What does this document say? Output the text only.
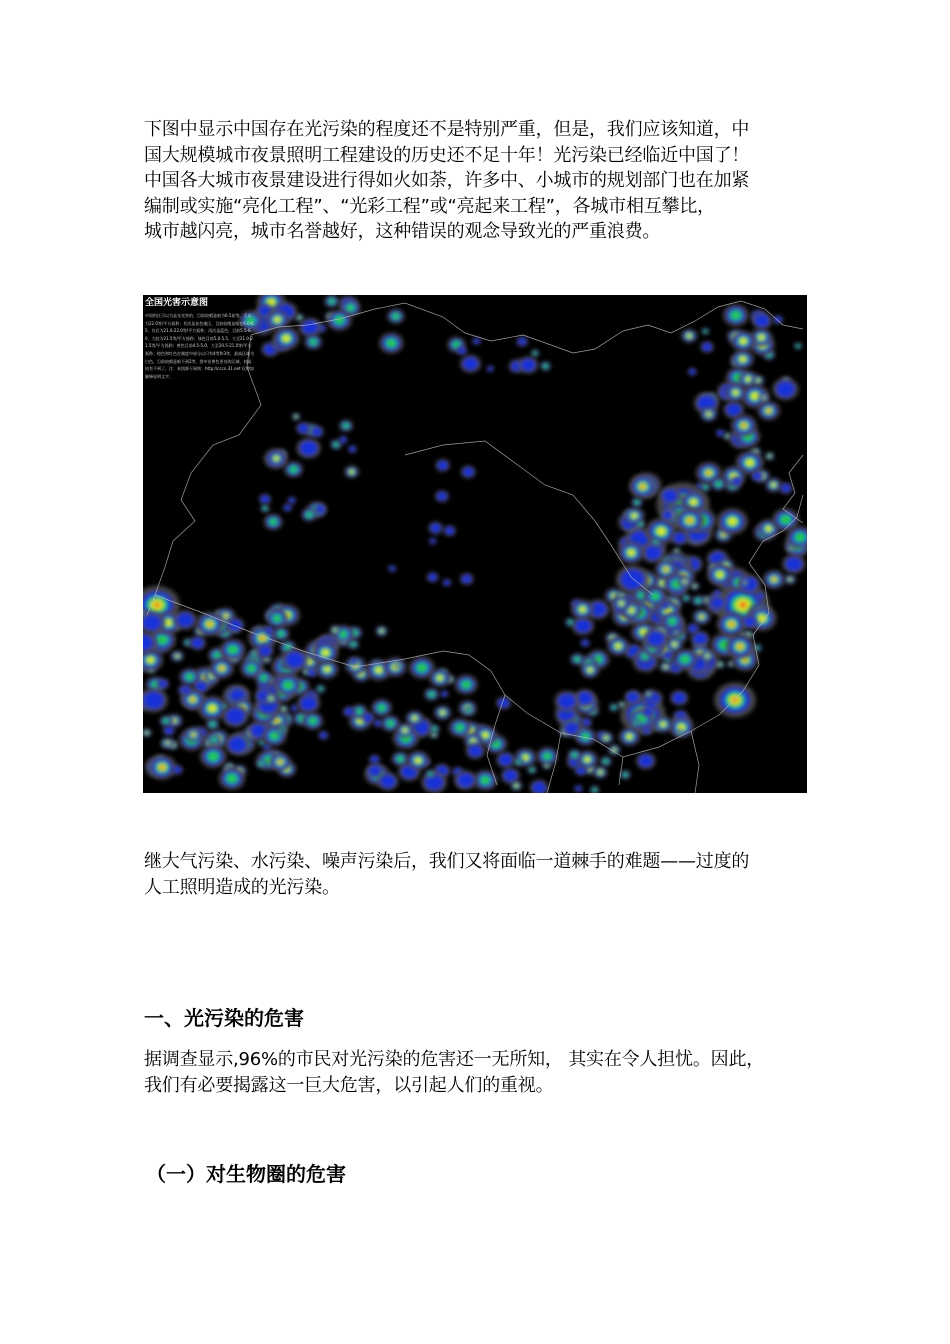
下图中显示中国存在光污染的程度还不是特别严重，但是，我们应该知道，中
国大规模城市夜景照明工程建设的历史还不足十年！光污染已经临近中国了！
中国各大城市夜景建设进行得如火如荼，许多中、小城市的规划部门也在加紧
编制或实施“亮化工程”、“光彩工程”或“亮起来工程”，各城市相互攀比，
城市越闪亮，城市名誉越好，这种错误的观念导致光的严重浪费。

全国光害示意图
中国的区可以为是光光害的，目前较晴是暗为6.5星等，大以为22.0等/平方弧秒；其次是灰色地区，目前较晴是暗在6.0-6.5，其后为21.0-22.0等/平方弧秒；再次是蓝色，目前5.5-6.0，大较为21.5等/平方弧秒；绿色目前5.0-5.5，大至21.0-21.5等/平方弧秒；黄色目前4.5-5.0，大至20.5-21.0等/平方弧秒；橙色和红色在城度中部分以只有4等和3等，最高区域为白色，目前较晴是暗不到2等，图中出黄色更亮的区域，较高较有不到了。注：本图源于网络：http://cccn.31.net 仅增加解释说明文字。

继大气污染、水污染、噪声污染后，我们又将面临一道棘手的难题——过度的
人工照明造成的光污染。

一、光污染的危害

据调查显示,96%的市民对光污染的危害还一无所知， 其实在令人担忧。因此，
我们有必要揭露这一巨大危害，以引起人们的重视。

（一）对生物圈的危害
